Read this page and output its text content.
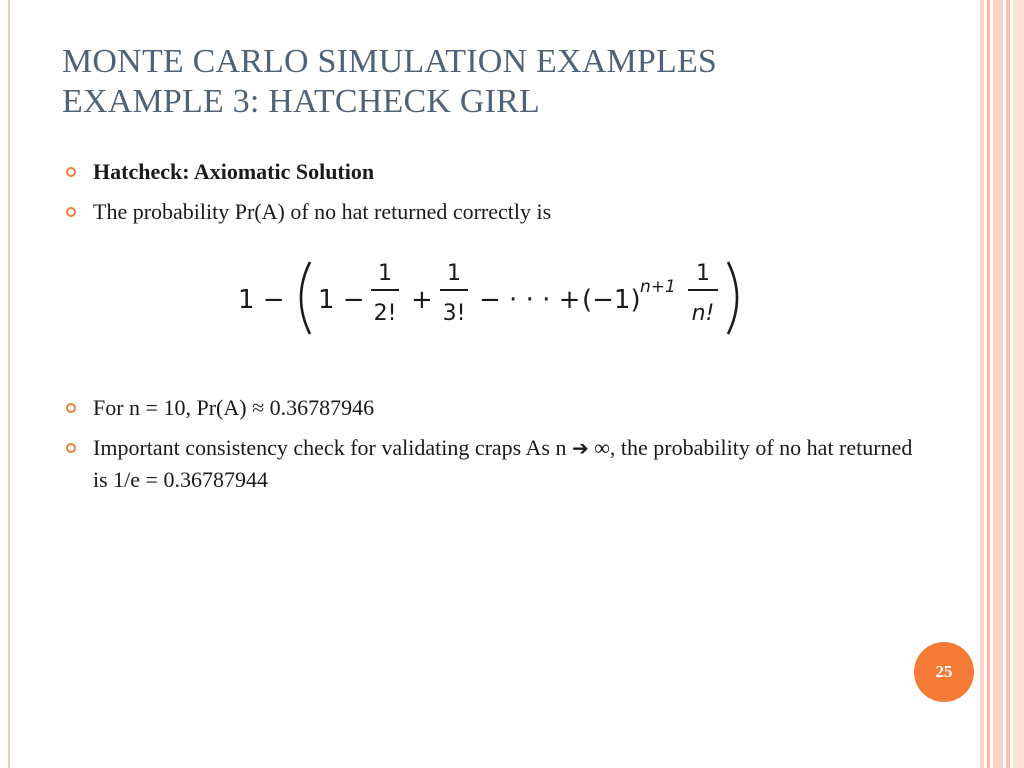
MONTE CARLO SIMULATION EXAMPLES
EXAMPLE 3: HATCHECK GIRL
Hatcheck: Axiomatic Solution
The probability Pr(A) of no hat returned correctly is
For n = 10, Pr(A) ≈ 0.36787946
Important consistency check for validating craps As n ➔ ∞, the probability of no hat returned is 1/e = 0.36787944
1 − 1 −
1
2! +
1
3! − · · · + (−1) n+1
1
n!
25
